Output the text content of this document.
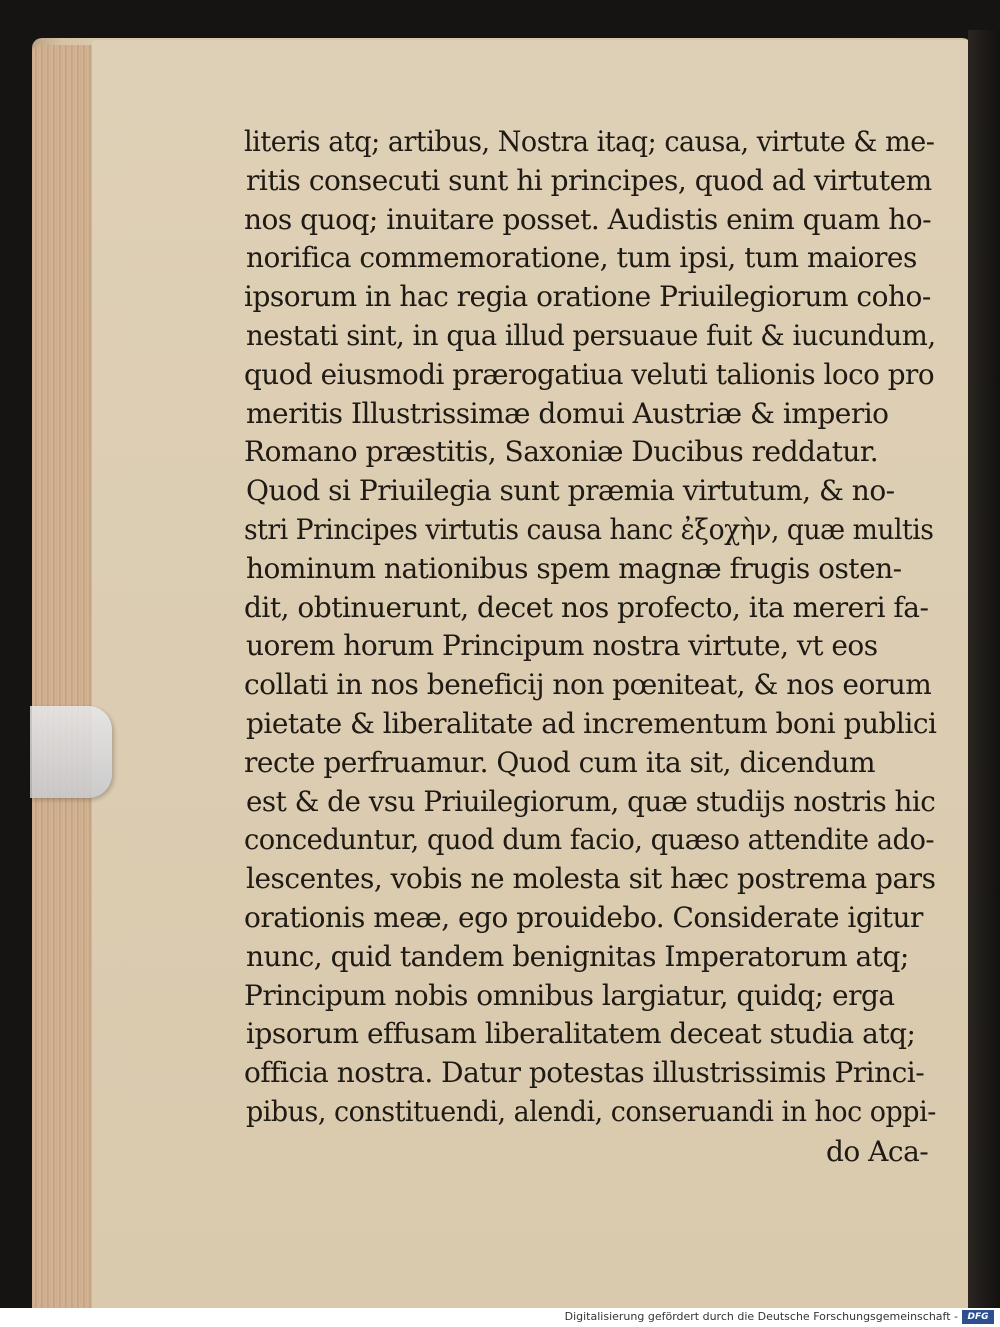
literis atq; artibus, Nostra itaq; causa, virtute & me-
ritis consecuti sunt hi principes, quod ad virtutem
nos quoq; inuitare posset. Audistis enim quam ho-
norifica commemoratione, tum ipsi, tum maiores
ipsorum in hac regia oratione Priuilegiorum coho-
nestati sint, in qua illud persuaue fuit & iucundum,
quod eiusmodi prærogatiua veluti talionis loco pro
meritis Illustrissimæ domui Austriæ & imperio
Romano præstitis, Saxoniæ Ducibus reddatur.
Quod si Priuilegia sunt præmia virtutum, & no-
stri Principes virtutis causa hanc ἐξοχὴν, quæ multis
hominum nationibus spem magnæ frugis osten-
dit, obtinuerunt, decet nos profecto, ita mereri fa-
uorem horum Principum nostra virtute, vt eos
collati in nos beneficij non pœniteat, & nos eorum
pietate & liberalitate ad incrementum boni publici
recte perfruamur. Quod cum ita sit, dicendum
est & de vsu Priuilegiorum, quæ studijs nostris hic
conceduntur, quod dum facio, quæso attendite ado-
lescentes, vobis ne molesta sit hæc postrema pars
orationis meæ, ego prouidebo. Considerate igitur
nunc, quid tandem benignitas Imperatorum atq;
Principum nobis omnibus largiatur, quidq; erga
ipsorum effusam liberalitatem deceat studia atq;
officia nostra. Datur potestas illustrissimis Princi-
pibus, constituendi, alendi, conseruandi in hoc oppi-
do Aca-
Digitalisierung gefördert durch die Deutsche Forschungsgemeinschaft -	DFG
